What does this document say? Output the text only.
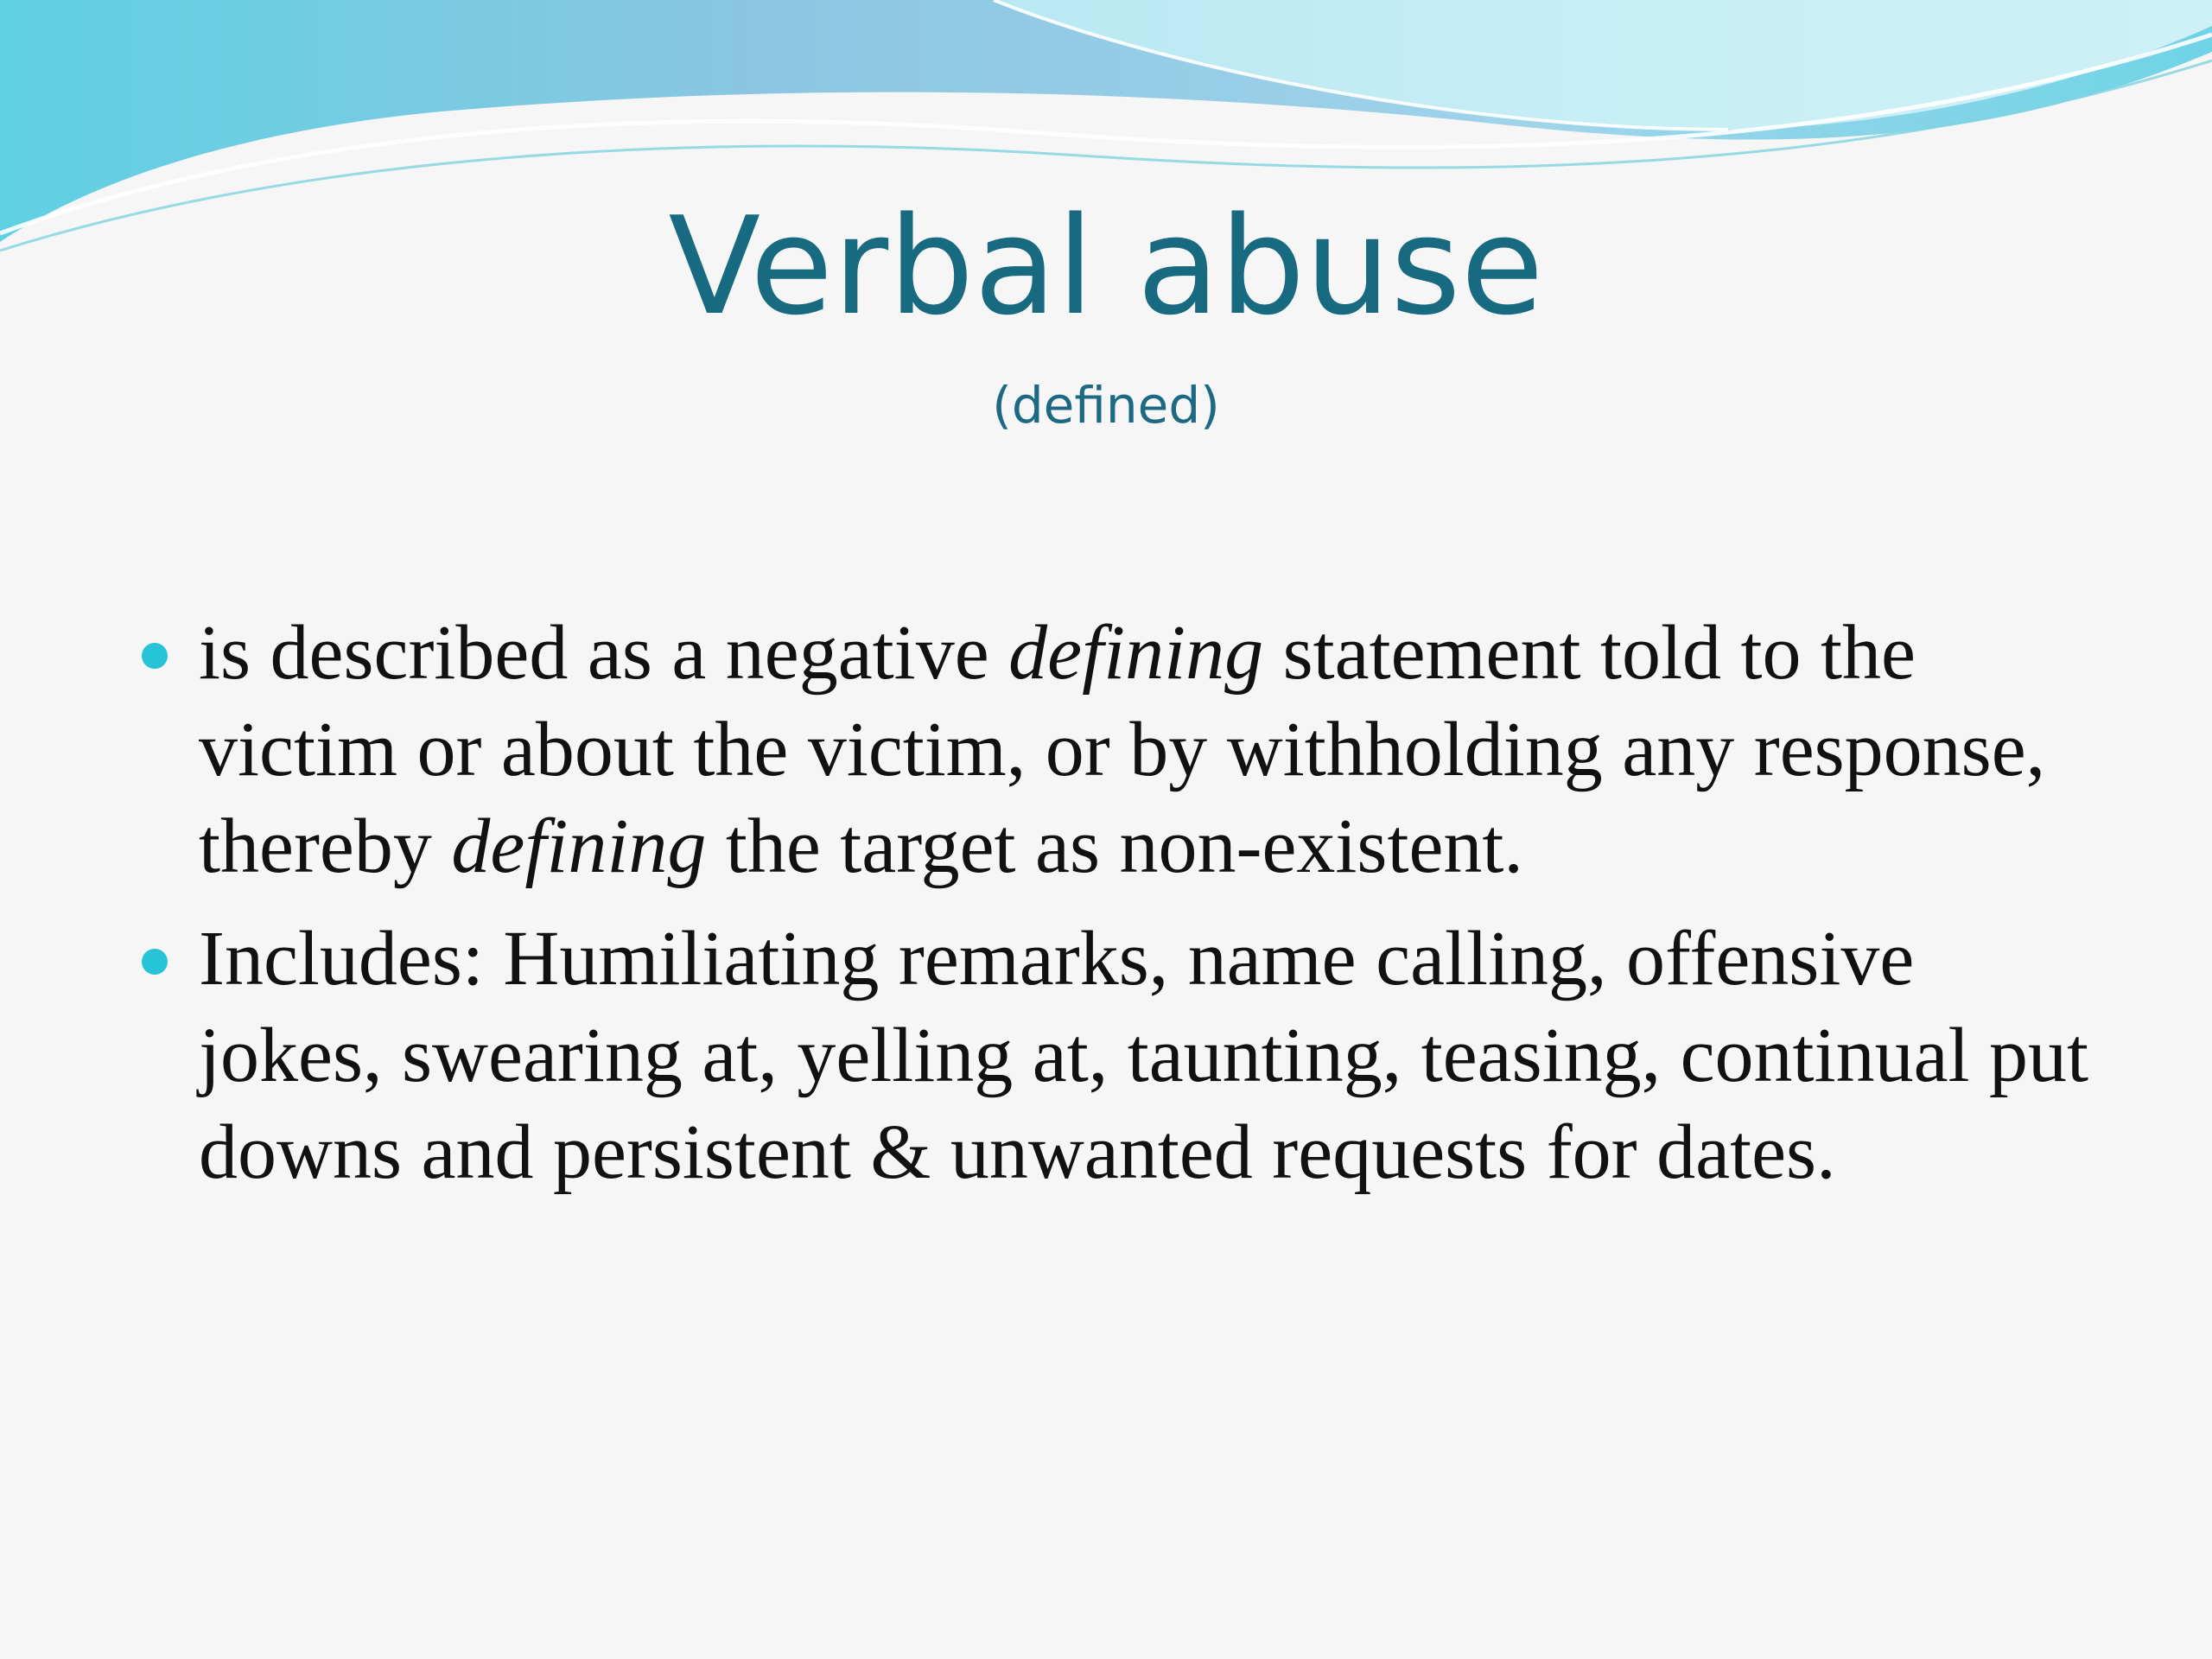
Verbal abuse
(defined)
is described as a negative defining statement told to the victim or about the victim, or by withholding any response, thereby defining the target as non-existent.
Includes: Humiliating remarks, name calling, offensive jokes, swearing at, yelling at, taunting, teasing, continual put downs and persistent & unwanted requests for dates.
